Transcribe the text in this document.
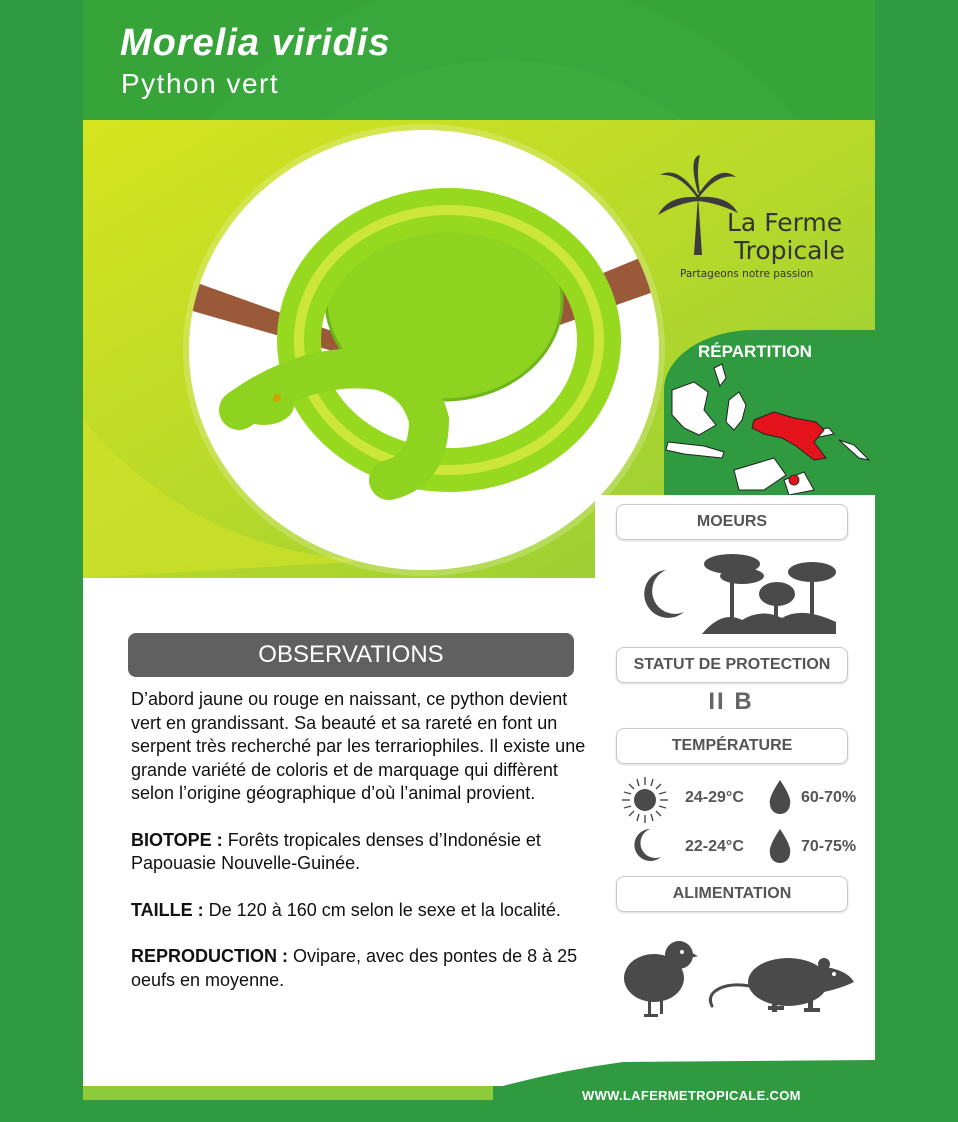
RÉPARTITION
Morelia viridis
Python vert
La Ferme
Tropicale
Partageons notre passion
MOEURS
OBSERVATIONS

D’abord jaune ou rouge en naissant, ce python devient vert en grandissant. Sa beauté et sa rareté en font un serpent très recherché par les terrariophiles. Il existe une grande variété de coloris et de marquage qui diffèrent selon l’origine géographique d’où l’animal provient.

BIOTOPE : Forêts tropicales denses d’Indonésie et Papouasie Nouvelle-Guinée.

TAILLE : De 120 à 160 cm selon le sexe et la localité.

REPRODUCTION : Ovipare, avec des pontes de 8 à 25 oeufs en moyenne.

STATUT DE PROTECTION
II B
TEMPÉRATURE
24-29°C	60-70%
22-24°C	70-75%
ALIMENTATION
WWW.LAFERMETROPICALE.COM
